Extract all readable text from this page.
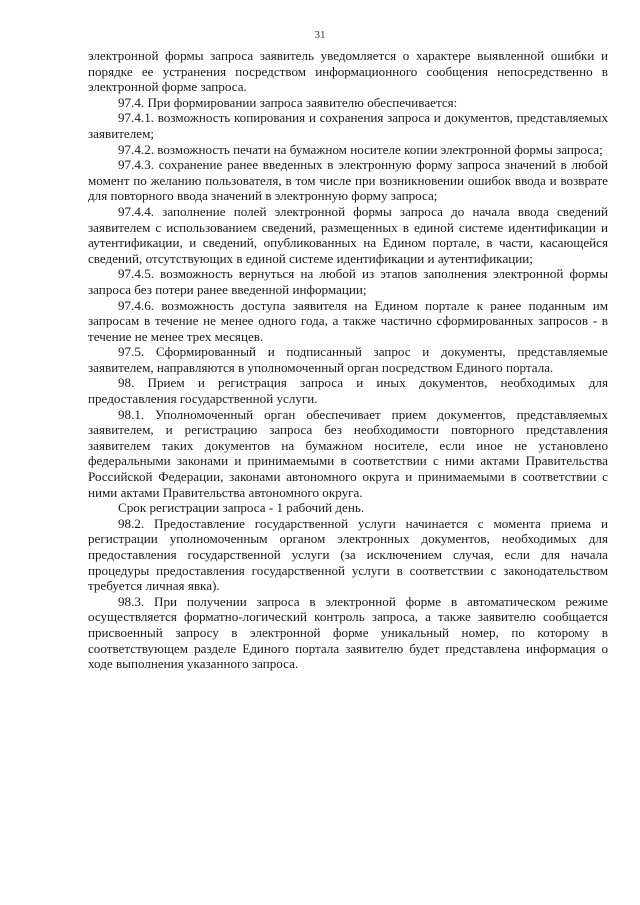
31

электронной формы запроса заявитель уведомляется о характере выявленной ошибки и порядке ее устранения посредством информационного сообщения непосредственно в электронной форме запроса.

97.4. При формировании запроса заявителю обеспечивается:

97.4.1. возможность копирования и сохранения запроса и документов, представляемых заявителем;

97.4.2. возможность печати на бумажном носителе копии электронной формы запроса;

97.4.3. сохранение ранее введенных в электронную форму запроса значений в любой момент по желанию пользователя, в том числе при возникновении ошибок ввода и возврате для повторного ввода значений в электронную форму запроса;

97.4.4. заполнение полей электронной формы запроса до начала ввода сведений заявителем с использованием сведений, размещенных в единой системе идентификации и аутентификации, и сведений, опубликованных на Едином портале, в части, касающейся сведений, отсутствующих в единой системе идентификации и аутентификации;

97.4.5. возможность вернуться на любой из этапов заполнения электронной формы запроса без потери ранее введенной информации;

97.4.6. возможность доступа заявителя на Едином портале к ранее поданным им запросам в течение не менее одного года, а также частично сформированных запросов - в течение не менее трех месяцев.

97.5. Сформированный и подписанный запрос и документы, представляемые заявителем, направляются в уполномоченный орган посредством Единого портала.

98. Прием и регистрация запроса и иных документов, необходимых для предоставления государственной услуги.

98.1. Уполномоченный орган обеспечивает прием документов, представляемых заявителем, и регистрацию запроса без необходимости повторного представления заявителем таких документов на бумажном носителе, если иное не установлено федеральными законами и принимаемыми в соответствии с ними актами Правительства Российской Федерации, законами автономного округа и принимаемыми в соответствии с ними актами Правительства автономного округа.

Срок регистрации запроса - 1 рабочий день.

98.2. Предоставление государственной услуги начинается с момента приема и регистрации уполномоченным органом электронных документов, необходимых для предоставления государственной услуги (за исключением случая, если для начала процедуры предоставления государственной услуги в соответствии с законодательством требуется личная явка).

98.3. При получении запроса в электронной форме в автоматическом режиме осуществляется форматно-логический контроль запроса, а также заявителю сообщается присвоенный запросу в электронной форме уникальный номер, по которому в соответствующем разделе Единого портала заявителю будет представлена информация о ходе выполнения указанного запроса.
